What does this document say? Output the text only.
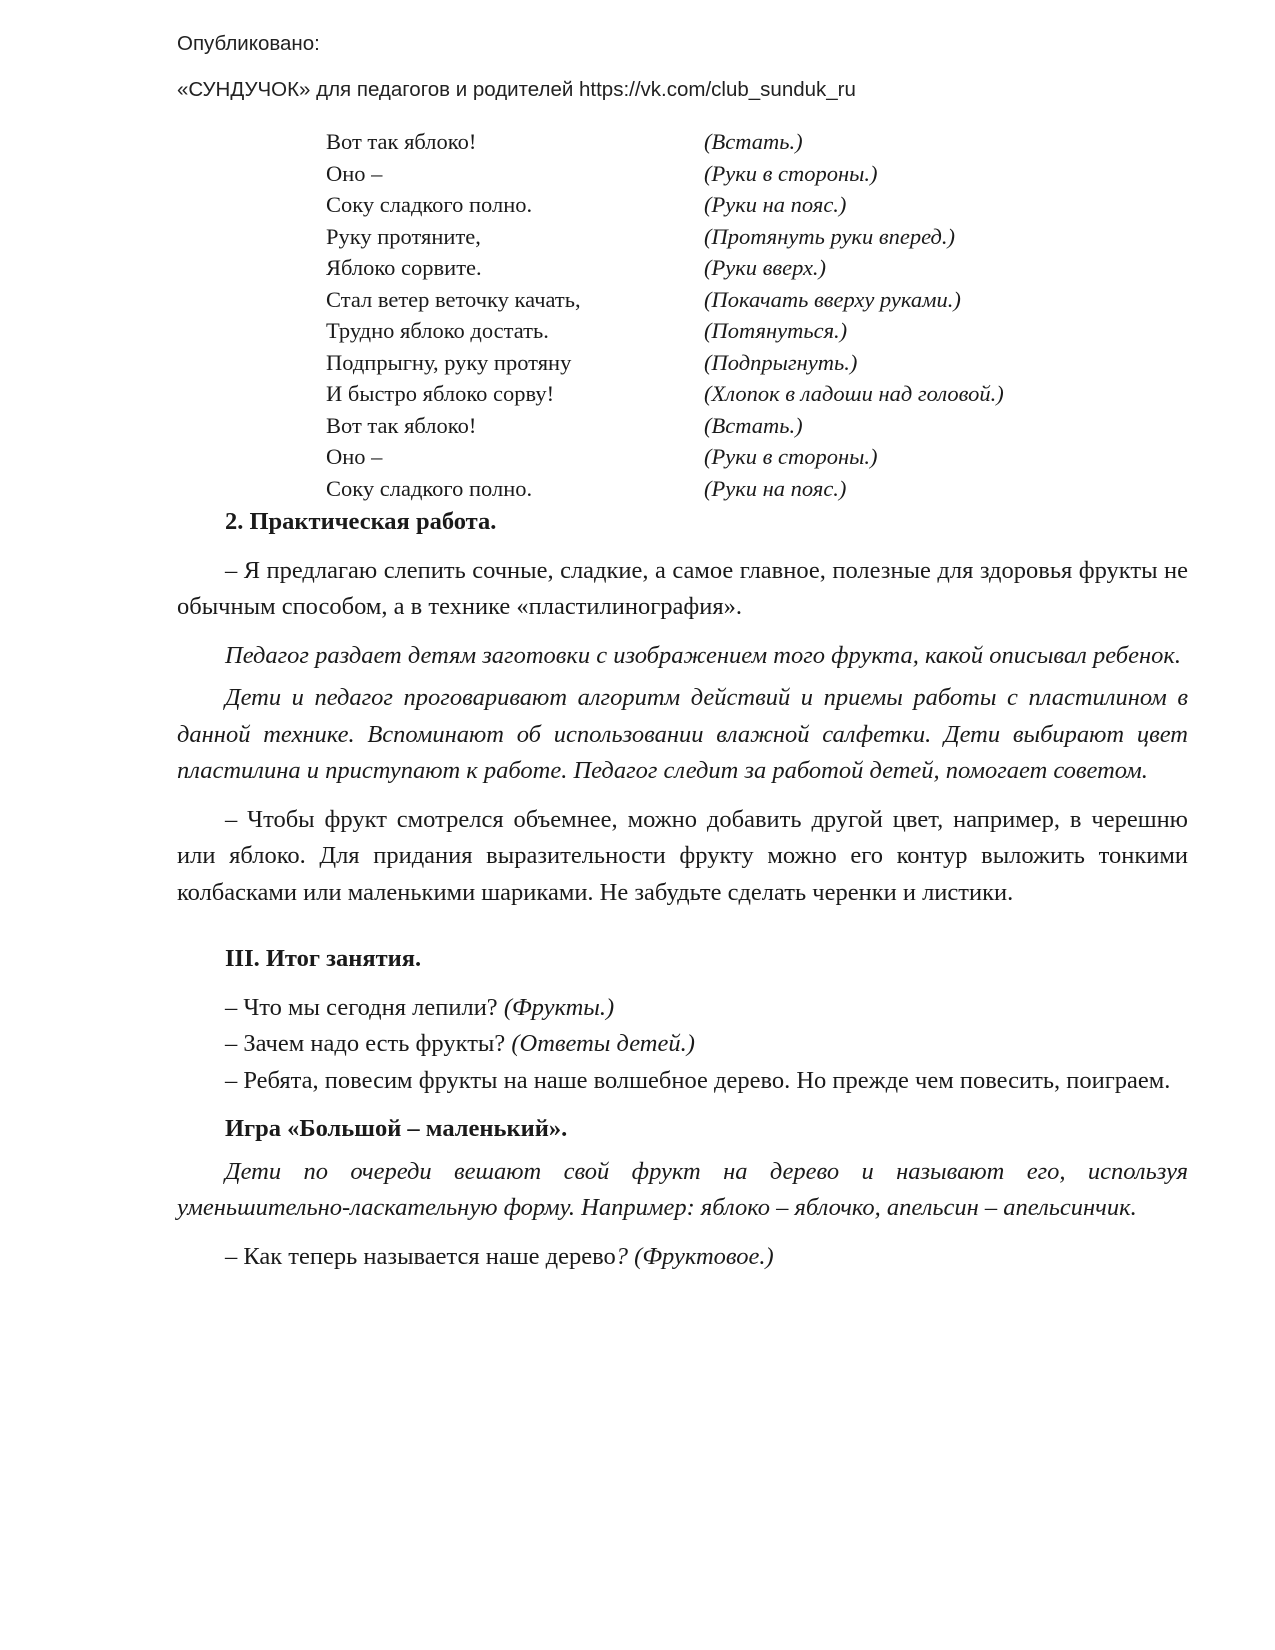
Опубликовано:
«СУНДУЧОК» для педагогов и родителей https://vk.com/club_sunduk_ru
Вот так яблоко!	(Встать.)
Оно –	(Руки в стороны.)
Соку сладкого полно.	(Руки на пояс.)
Руку протяните,	(Протянуть руки вперед.)
Яблоко сорвите.	(Руки вверх.)
Стал ветер веточку качать,	(Покачать вверху руками.)
Трудно яблоко достать.	(Потянуться.)
Подпрыгну, руку протяну	(Подпрыгнуть.)
И быстро яблоко сорву!	(Хлопок в ладоши над головой.)
Вот так яблоко!	(Встать.)
Оно –	(Руки в стороны.)
Соку сладкого полно.	(Руки на пояс.)

2. Практическая работа.

– Я предлагаю слепить сочные, сладкие, а самое главное, полезные для здоровья фрукты не обычным способом, а в технике «пластилинография».

Педагог раздает детям заготовки с изображением того фрукта, какой описывал ребенок.

Дети и педагог проговаривают алгоритм действий и приемы работы с пластилином в данной технике. Вспоминают об использовании влажной салфетки. Дети выбирают цвет пластилина и приступают к работе. Педагог следит за работой детей, помогает советом.

– Чтобы фрукт смотрелся объемнее, можно добавить другой цвет, например, в черешню или яблоко. Для придания выразительности фрукту можно его контур выложить тонкими колбасками или маленькими шариками. Не забудьте сделать черенки и листики.

III. Итог занятия.

– Что мы сегодня лепили? (Фрукты.)

– Зачем надо есть фрукты? (Ответы детей.)

– Ребята, повесим фрукты на наше волшебное дерево. Но прежде чем повесить, поиграем.

Игра «Большой – маленький».

Дети по очереди вешают свой фрукт на дерево и называют его, используя уменьшительно-ласкательную форму. Например: яблоко – яблочко, апельсин – апельсинчик.

– Как теперь называется наше дерево? (Фруктовое.)
